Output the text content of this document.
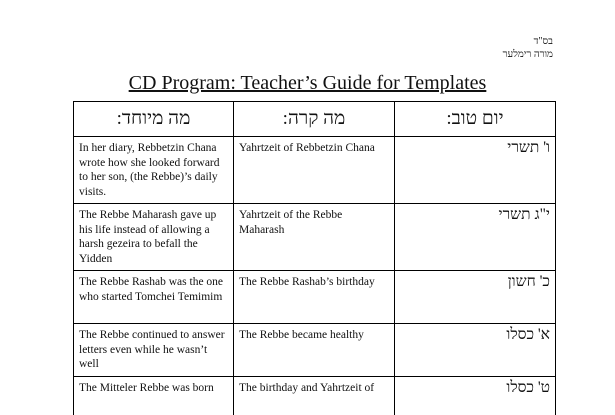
בס"ד
מורה רימלער
CD Program: Teacher’s Guide for Templates
מה מיוחד:	מה קרה:	יום טוב:
In her diary, Rebbetzin Chana wrote how she looked forward to her son, (the Rebbe)’s daily visits.	Yahrtzeit of Rebbetzin Chana	ו' תשרי
The Rebbe Maharash gave up his life instead of allowing a harsh gezeira to befall the Yidden	Yahrtzeit of the Rebbe Maharash	י"ג תשרי
The Rebbe Rashab was the one who started Tomchei Temimim	The Rebbe Rashab’s birthday	כ' חשון
The Rebbe continued to answer letters even while he wasn’t well	The Rebbe became healthy	א' כסלו
The Mitteler Rebbe was born	The birthday and Yahrtzeit of	ט' כסלו
